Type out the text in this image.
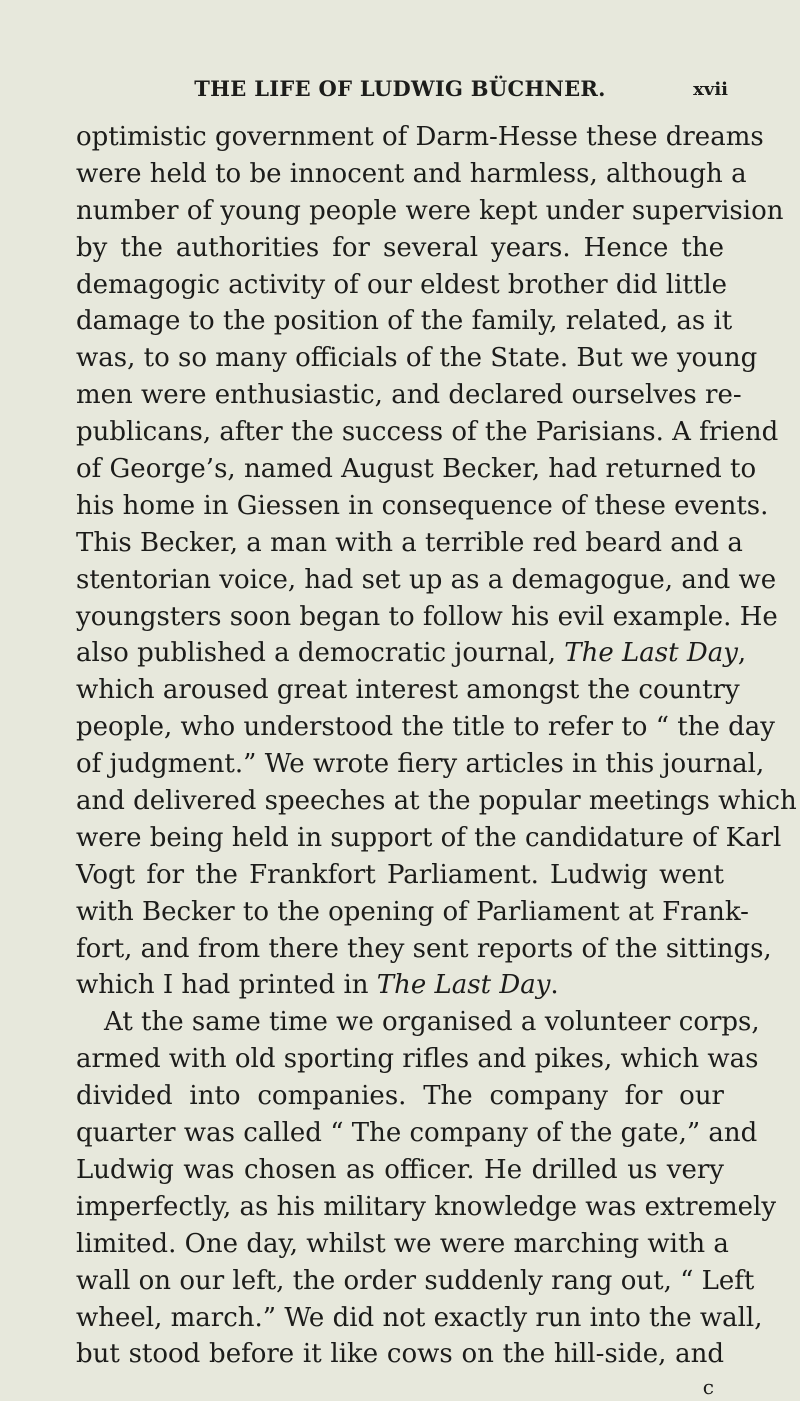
THE LIFE OF LUDWIG BÜCHNER.	xvii
optimistic government of Darm-Hesse these dreams
were held to be innocent and harmless, although a
number of young people were kept under supervision
by the authorities for several years. Hence the
demagogic activity of our eldest brother did little
damage to the position of the family, related, as it
was, to so many officials of the State. But we young
men were enthusiastic, and declared ourselves re-
publicans, after the success of the Parisians. A friend
of George’s, named August Becker, had returned to
his home in Giessen in consequence of these events.
This Becker, a man with a terrible red beard and a
stentorian voice, had set up as a demagogue, and we
youngsters soon began to follow his evil example. He
also published a democratic journal, The Last Day,
which aroused great interest amongst the country
people, who understood the title to refer to “ the day
of judgment.” We wrote fiery articles in this journal,
and delivered speeches at the popular meetings which
were being held in support of the candidature of Karl
Vogt for the Frankfort Parliament. Ludwig went
with Becker to the opening of Parliament at Frank-
fort, and from there they sent reports of the sittings,
which I had printed in The Last Day.
At the same time we organised a volunteer corps,
armed with old sporting rifles and pikes, which was
divided into companies. The company for our
quarter was called “ The company of the gate,” and
Ludwig was chosen as officer. He drilled us very
imperfectly, as his military knowledge was extremely
limited. One day, whilst we were marching with a
wall on our left, the order suddenly rang out, “ Left
wheel, march.” We did not exactly run into the wall,
but stood before it like cows on the hill-side, and
c
